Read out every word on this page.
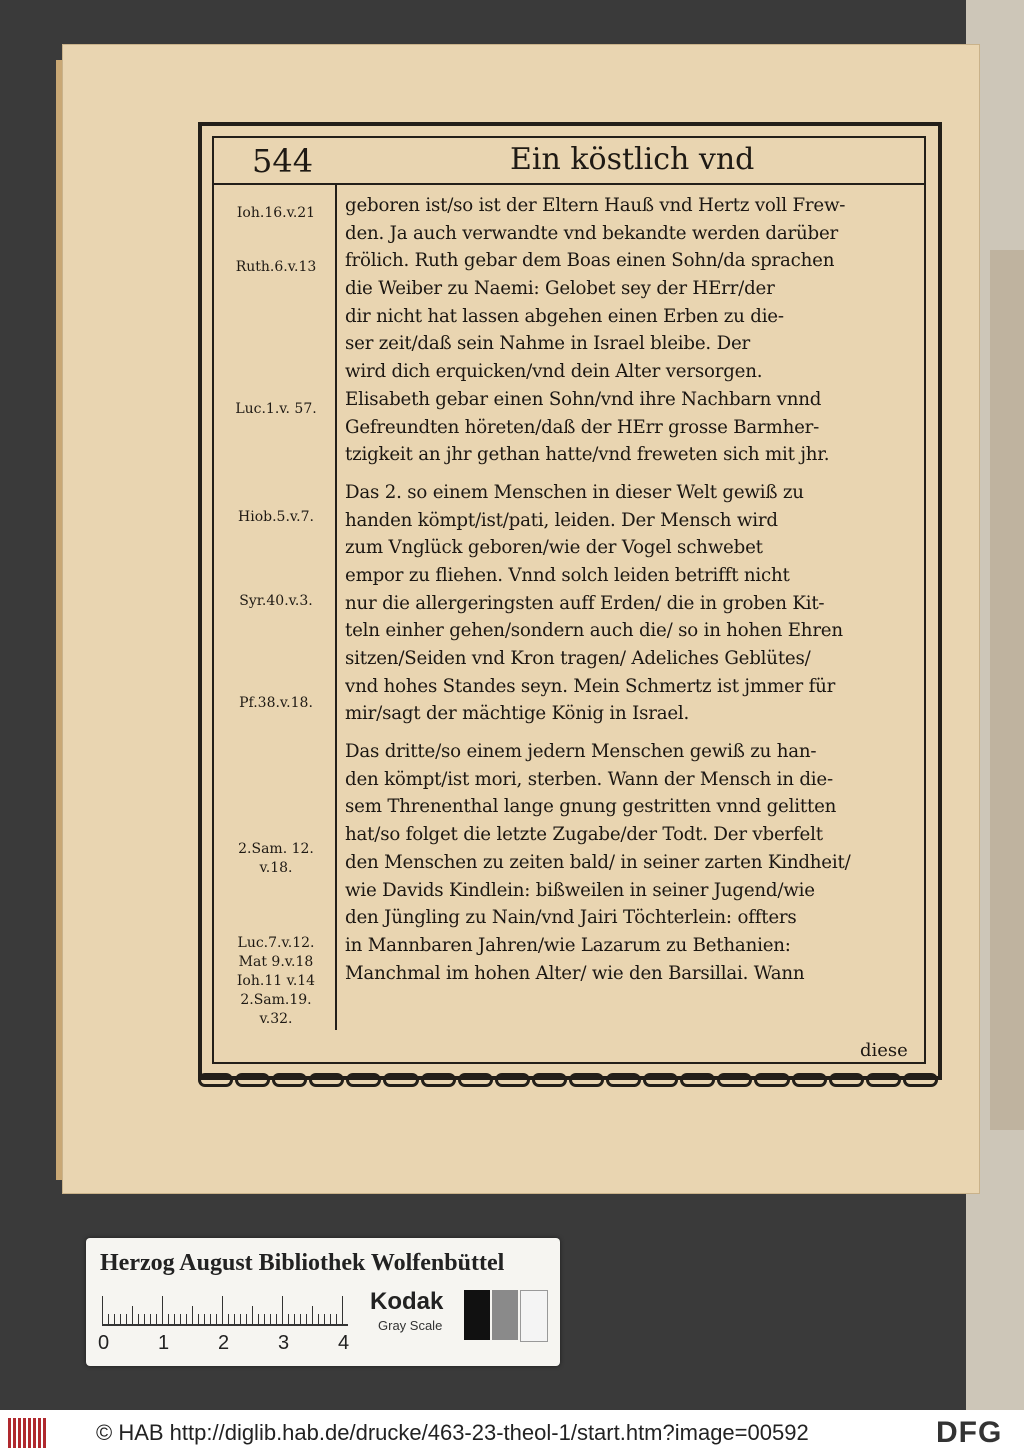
544	Ein köstlich vnd
Ioh.16.v.21
Ruth.6.v.13
Luc.1.v. 57.
Hiob.5.v.7.
Syr.40.v.3.
Pf.38.v.18.
2.Sam. 12.
v.18.
Luc.7.v.12.
Mat 9.v.18
Ioh.11 v.14
2.Sam.19.
v.32.
geboren ist/so ist der Eltern Hauß vnd Hertz voll Frew-
den. Ja auch verwandte vnd bekandte werden darüber
frölich. Ruth gebar dem Boas einen Sohn/da sprachen
die Weiber zu Naemi: Gelobet sey der HErr/der
dir nicht hat lassen abgehen einen Erben zu die-
ser zeit/daß sein Nahme in Israel bleibe. Der
wird dich erquicken/vnd dein Alter versorgen.
Elisabeth gebar einen Sohn/vnd ihre Nachbarn vnnd
Gefreundten höreten/daß der HErr grosse Barmher-
tzigkeit an jhr gethan hatte/vnd freweten sich mit jhr.
Das 2. so einem Menschen in dieser Welt gewiß zu
handen kömpt/ist/pati, leiden. Der Mensch wird
zum Vnglück geboren/wie der Vogel schwebet
empor zu fliehen. Vnnd solch leiden betrifft nicht
nur die allergeringsten auff Erden/ die in groben Kit-
teln einher gehen/sondern auch die/ so in hohen Ehren
sitzen/Seiden vnd Kron tragen/ Adeliches Geblütes/
vnd hohes Standes seyn. Mein Schmertz ist jmmer für
mir/sagt der mächtige König in Israel.
Das dritte/so einem jedern Menschen gewiß zu han-
den kömpt/ist mori, sterben. Wann der Mensch in die-
sem Threnenthal lange gnung gestritten vnnd gelitten
hat/so folget die letzte Zugabe/der Todt. Der vberfelt
den Menschen zu zeiten bald/ in seiner zarten Kindheit/
wie Davids Kindlein: bißweilen in seiner Jugend/wie
den Jüngling zu Nain/vnd Jairi Töchterlein: offters
in Mannbaren Jahren/wie Lazarum zu Bethanien:
Manchmal im hohen Alter/ wie den Barsillai. Wann
diese
Herzog August Bibliothek Wolfenbüttel
0 1 2 3 4
Kodak
Gray Scale
© HAB http://diglib.hab.de/drucke/463-23-theol-1/start.htm?image=00592	DFG
